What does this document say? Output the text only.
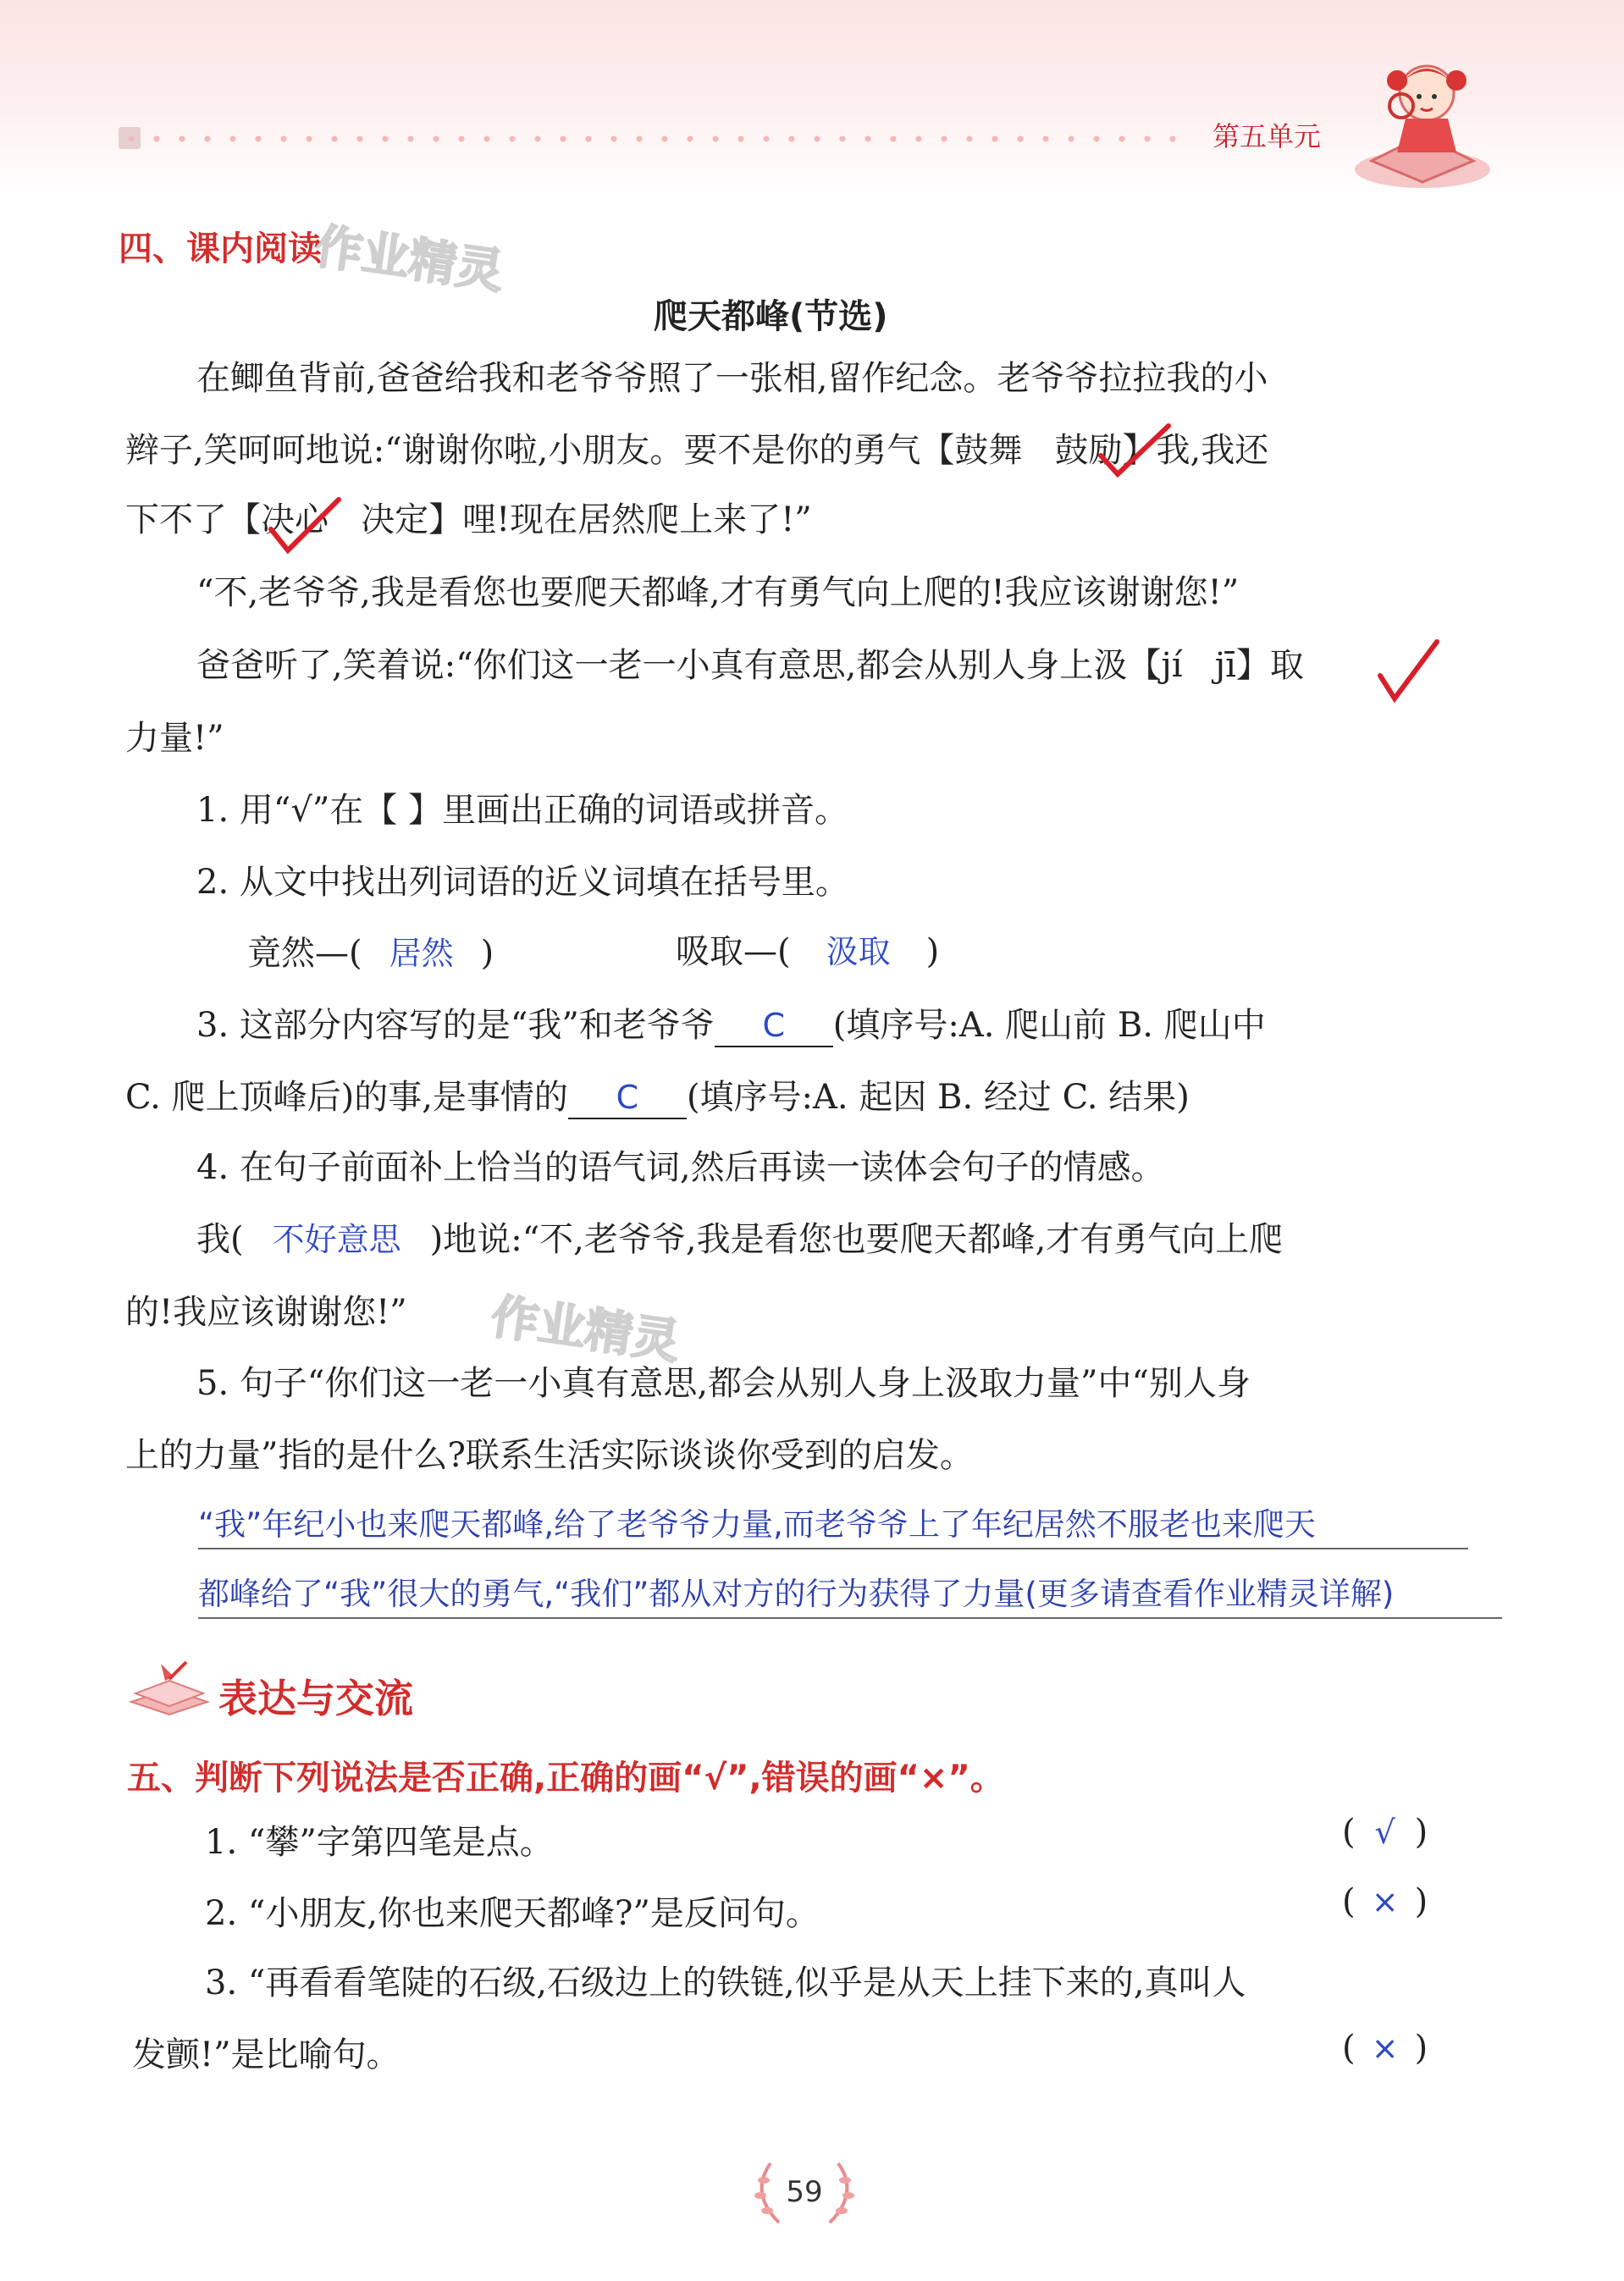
第五单元
四、课内阅读
作业精灵
爬天都峰(节选)
在鲫鱼背前,爸爸给我和老爷爷照了一张相,留作纪念。老爷爷拉拉我的小
辫子,笑呵呵地说:“谢谢你啦,小朋友。要不是你的勇气【鼓舞 鼓励】我,我还
下不了【决心 决定】哩!现在居然爬上来了!”
“不,老爷爷,我是看您也要爬天都峰,才有勇气向上爬的!我应该谢谢您!”
爸爸听了,笑着说:“你们这一老一小真有意思,都会从别人身上汲【jí jī】取
力量!”
1. 用“√”在【 】里画出正确的词语或拼音。
2. 从文中找出列词语的近义词填在括号里。
竟然—( 居然 )	吸取—( 汲取 )
3. 这部分内容写的是“我”和老爷爷 C (填序号:A. 爬山前 B. 爬山中
C. 爬上顶峰后)的事,是事情的 C (填序号:A. 起因 B. 经过 C. 结果)
4. 在句子前面补上恰当的语气词,然后再读一读体会句子的情感。
我( 不好意思 )地说:“不,老爷爷,我是看您也要爬天都峰,才有勇气向上爬
的!我应该谢谢您!” 作业精灵
5. 句子“你们这一老一小真有意思,都会从别人身上汲取力量”中“别人身
上的力量”指的是什么?联系生活实际谈谈你受到的启发。
“我”年纪小也来爬天都峰,给了老爷爷力量,而老爷爷上了年纪居然不服老也来爬天
都峰给了“我”很大的勇气,“我们”都从对方的行为获得了力量(更多请查看作业精灵详解)
表达与交流
五、判断下列说法是否正确,正确的画“√”,错误的画“×”。
1. “攀”字第四笔是点。	( √ )
2. “小朋友,你也来爬天都峰?”是反问句。	( × )
3. “再看看笔陡的石级,石级边上的铁链,似乎是从天上挂下来的,真叫人
发颤!”是比喻句。	( × )
59
